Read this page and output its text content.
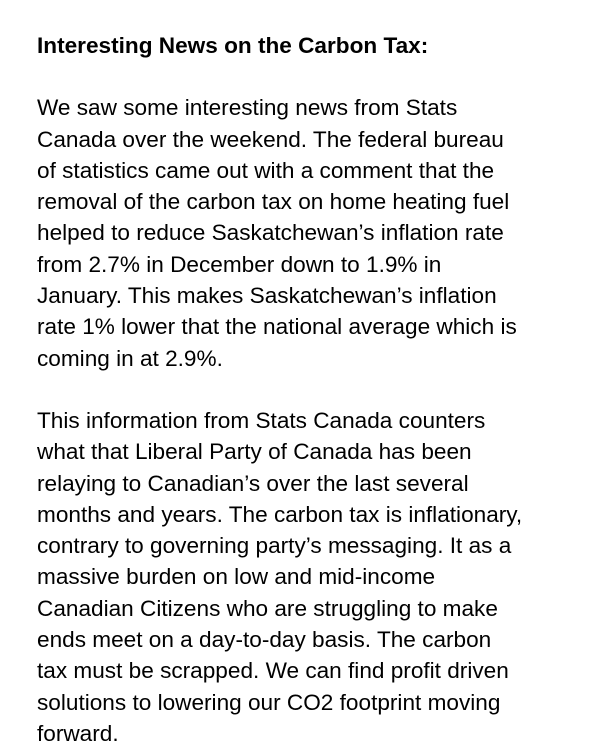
Interesting News on the Carbon Tax:
We saw some interesting news from Stats
Canada over the weekend. The federal bureau
of statistics came out with a comment that the
removal of the carbon tax on home heating fuel
helped to reduce Saskatchewan’s inflation rate
from 2.7% in December down to 1.9% in
January. This makes Saskatchewan’s inflation
rate 1% lower that the national average which is
coming in at 2.9%.
This information from Stats Canada counters
what that Liberal Party of Canada has been
relaying to Canadian’s over the last several
months and years. The carbon tax is inflationary,
contrary to governing party’s messaging. It as a
massive burden on low and mid-income
Canadian Citizens who are struggling to make
ends meet on a day-to-day basis. The carbon
tax must be scrapped. We can find profit driven
solutions to lowering our CO2 footprint moving
forward.
